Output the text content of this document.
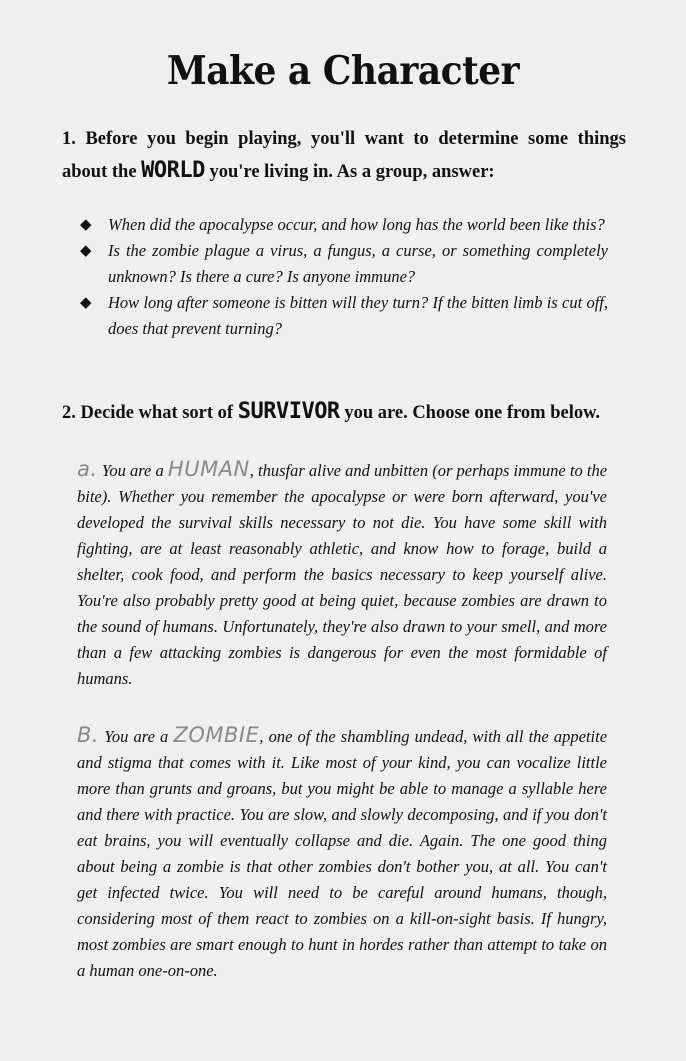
Make a Character

1. Before you begin playing, you'll want to determine some things about the WORLD you're living in. As a group, answer:

◆ When did the apocalypse occur, and how long has the world been like this?
◆ Is the zombie plague a virus, a fungus, a curse, or something completely unknown? Is there a cure? Is anyone immune?
◆ How long after someone is bitten will they turn? If the bitten limb is cut off, does that prevent turning?

2. Decide what sort of SURVIVOR you are. Choose one from below.

a. You are a HUMAN, thusfar alive and unbitten (or perhaps immune to the bite). Whether you remember the apocalypse or were born afterward, you've developed the survival skills necessary to not die. You have some skill with fighting, are at least reasonably athletic, and know how to forage, build a shelter, cook food, and perform the basics necessary to keep yourself alive. You're also probably pretty good at being quiet, because zombies are drawn to the sound of humans. Unfortunately, they're also drawn to your smell, and more than a few attacking zombies is dangerous for even the most formidable of humans.

B. You are a ZOMBIE, one of the shambling undead, with all the appetite and stigma that comes with it. Like most of your kind, you can vocalize little more than grunts and groans, but you might be able to manage a syllable here and there with practice. You are slow, and slowly decomposing, and if you don't eat brains, you will eventually collapse and die. Again. The one good thing about being a zombie is that other zombies don't bother you, at all. You can't get infected twice. You will need to be careful around humans, though, considering most of them react to zombies on a kill-on-sight basis. If hungry, most zombies are smart enough to hunt in hordes rather than attempt to take on a human one-on-one.
